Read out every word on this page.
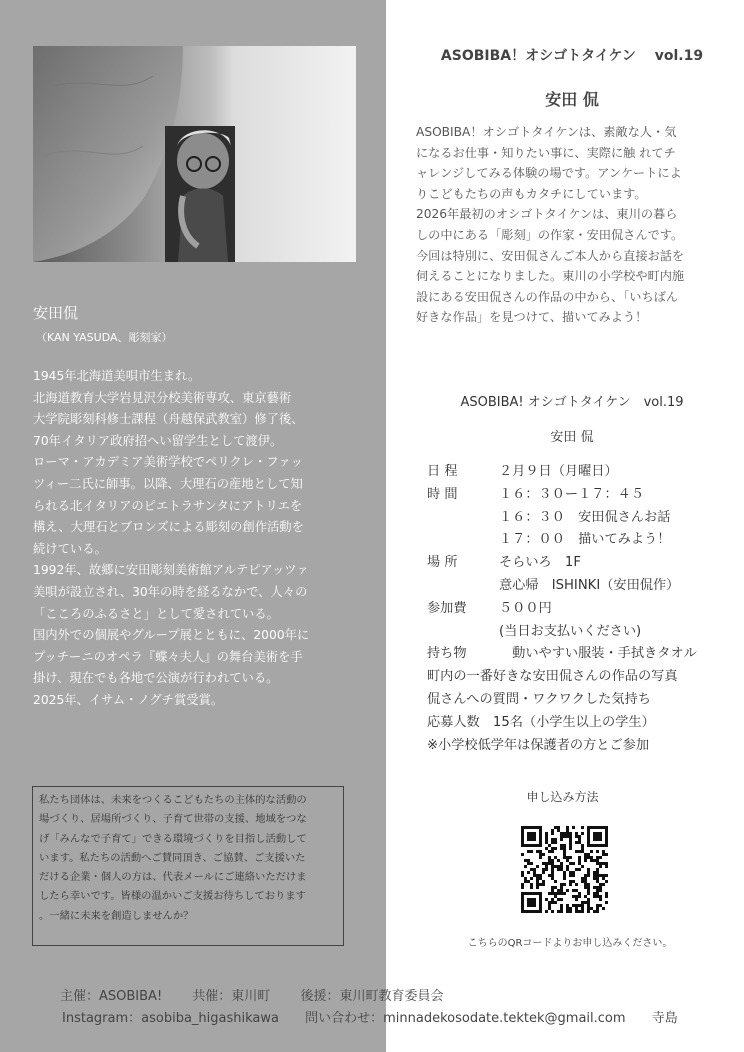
安田侃
（KAN YASUDA、彫刻家）

1945年北海道美唄市生まれ。

北海道教育大学岩見沢分校美術専攻、東京藝術

大学院彫刻科修士課程（舟越保武教室）修了後、

70年イタリア政府招へい留学生として渡伊。

ローマ・アカデミア美術学校でペリクレ・ファッ

ツィー二氏に師事。以降、大理石の産地として知

られる北イタリアのピエトラサンタにアトリエを

構え、大理石とブロンズによる彫刻の創作活動を

続けている。

1992年、故郷に安田彫刻美術館アルテピアッツァ

美唄が設立され、30年の時を経るなかで、人々の

「こころのふるさと」として愛されている。

国内外での個展やグループ展とともに、2000年に

プッチーニのオペラ『蝶々夫人』の舞台美術を手

掛け、現在でも各地で公演が行われている。

2025年、イサム・ノグチ賞受賞。

私たち団体は、未来をつくるこどもたちの主体的な活動の

場づくり、居場所づくり、子育て世帯の支援、地域をつな

げ「みんなで子育て」できる環境づくりを目指し活動して

います。私たちの活動へご賛同頂き、ご協賛、ご支援いた

だける企業・個人の方は、代表メールにご連絡いただけま

したら幸いです。皆様の温かいご支援お待ちしております

。一緒に未来を創造しませんか？

ASOBIBA！オシゴトタイケン　 vol.19
安田 侃

ASOBIBA！オシゴトタイケンは、素敵な人・気

になるお仕事・知りたい事に、実際に触 れてチ

ャレンジしてみる体験の場です。アンケートによ

りこどもたちの声もカタチにしています。

2026年最初のオシゴトタイケンは、東川の暮ら

しの中にある「彫刻」の作家・安田侃さんです。

今回は特別に、安田侃さんご本人から直接お話を

伺えることになりました。東川の小学校や町内施

設にある安田侃さんの作品の中から、「いちばん

好きな作品」を見つけて、描いてみよう！

ASOBIBA! オシゴトタイケン　vol.19
安田 侃
日 程	２月９日（月曜日）
時 間	１６：３０ー１７：４５
１６：３０　安田侃さんお話
１７：００　描いてみよう！
場 所	そらいろ　1F
意心帰　ISHINKI（安田侃作）
参加費 ５００円
(当日お支払いください)
持ち物 　動いやすい服装・手拭きタオル
町内の一番好きな安田侃さんの作品の写真
侃さんへの質問・ワクワクした気持ち
応募人数　15名（小学生以上の学生）
※小学校低学年は保護者の方とご参加
申し込み方法
こちらのQRコードよりお申し込みください。
主催：ASOBIBA! 共催：東川町 後援：東川町教育委員会
Instagram：asobiba_higashikawa 問い合わせ：minnadekosodate.tektek@gmail.com 寺島
